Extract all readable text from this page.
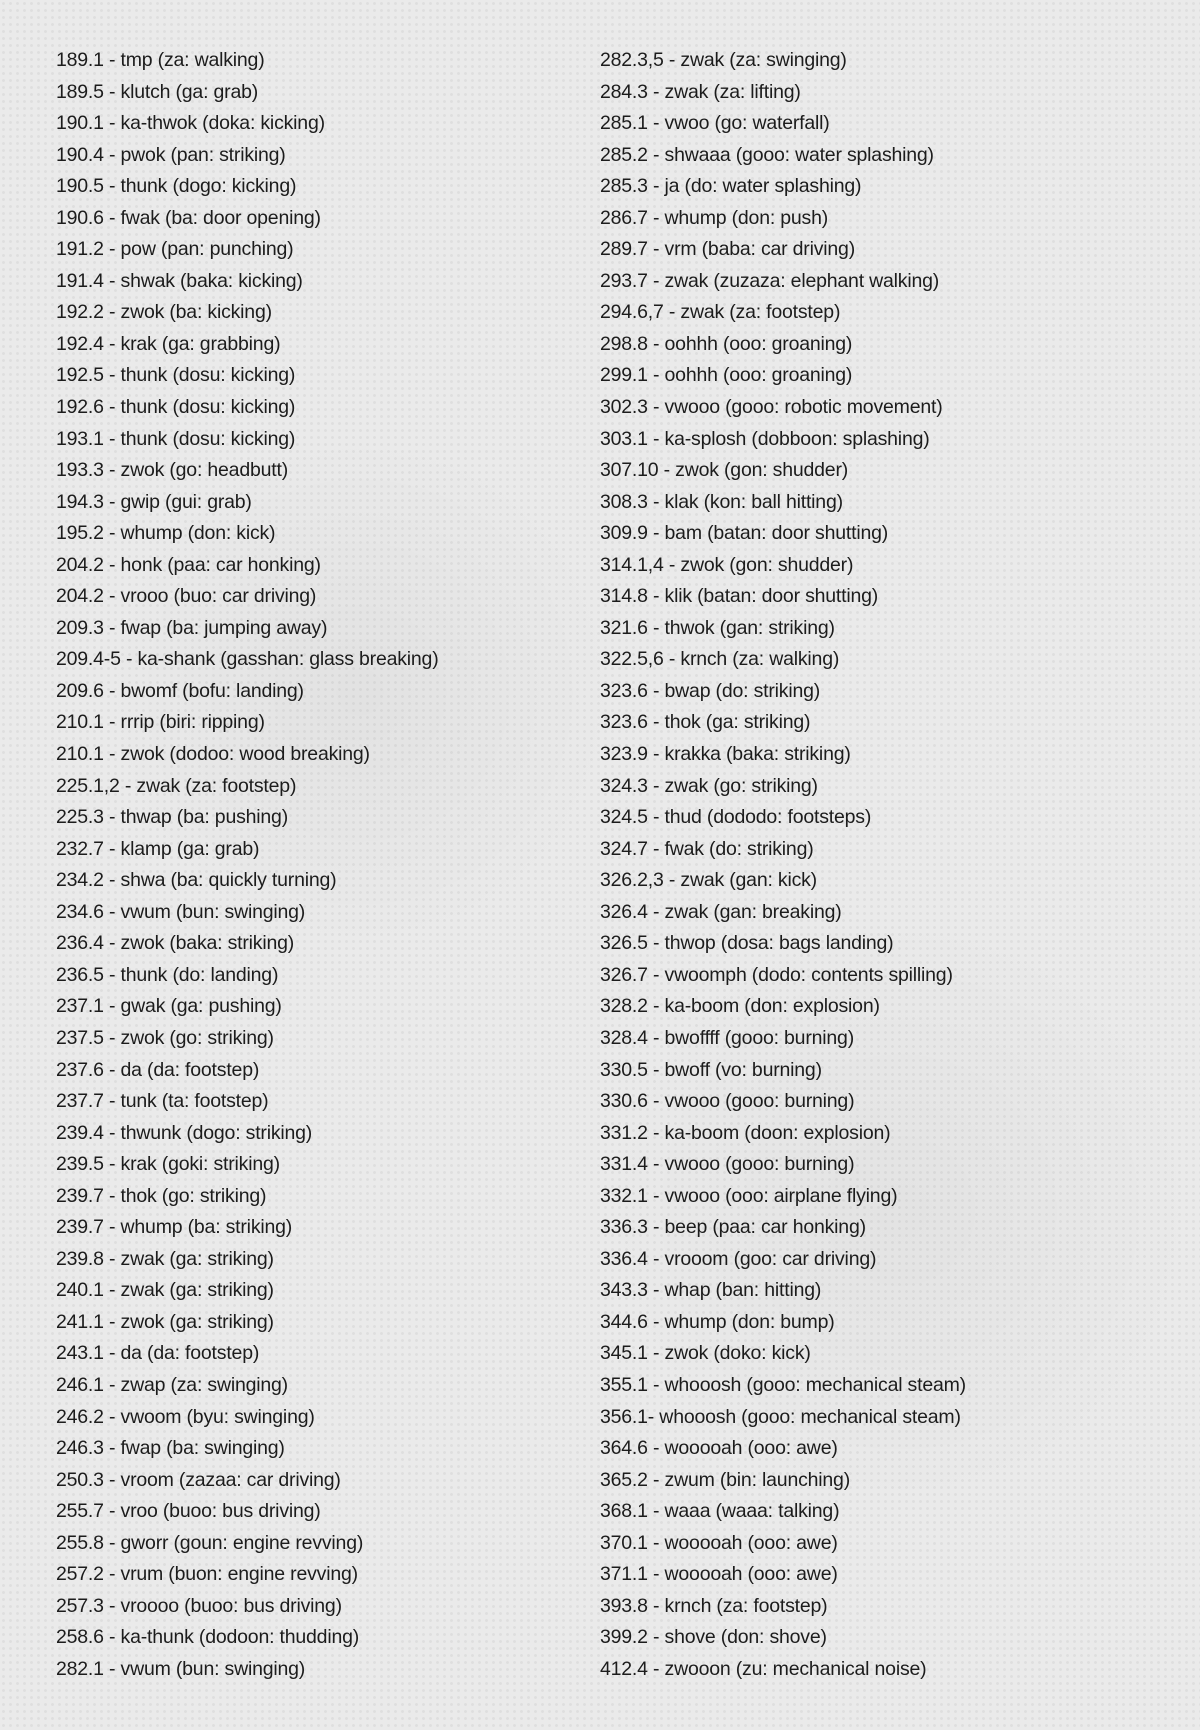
189.1 - tmp (za: walking)
189.5 - klutch (ga: grab)
190.1 - ka-thwok (doka: kicking)
190.4 - pwok (pan: striking)
190.5 - thunk (dogo: kicking)
190.6 - fwak (ba: door opening)
191.2 - pow (pan: punching)
191.4 - shwak (baka: kicking)
192.2 - zwok (ba: kicking)
192.4 - krak (ga: grabbing)
192.5 - thunk (dosu: kicking)
192.6 - thunk (dosu: kicking)
193.1 - thunk (dosu: kicking)
193.3 - zwok (go: headbutt)
194.3 - gwip (gui: grab)
195.2 - whump (don: kick)
204.2 - honk (paa: car honking)
204.2 - vrooo (buo: car driving)
209.3 - fwap (ba: jumping away)
209.4-5 - ka-shank (gasshan: glass breaking)
209.6 - bwomf (bofu: landing)
210.1 - rrrip (biri: ripping)
210.1 - zwok (dodoo: wood breaking)
225.1,2 - zwak (za: footstep)
225.3 - thwap (ba: pushing)
232.7 - klamp (ga: grab)
234.2 - shwa (ba: quickly turning)
234.6 - vwum (bun: swinging)
236.4 - zwok (baka: striking)
236.5 - thunk (do: landing)
237.1 - gwak (ga: pushing)
237.5 - zwok (go: striking)
237.6 - da (da: footstep)
237.7 - tunk (ta: footstep)
239.4 - thwunk (dogo: striking)
239.5 - krak (goki: striking)
239.7 - thok (go: striking)
239.7 - whump (ba: striking)
239.8 - zwak (ga: striking)
240.1 - zwak (ga: striking)
241.1 - zwok (ga: striking)
243.1 - da (da: footstep)
246.1 - zwap (za: swinging)
246.2 - vwoom (byu: swinging)
246.3 - fwap (ba: swinging)
250.3 - vroom (zazaa: car driving)
255.7 - vroo (buoo: bus driving)
255.8 - gworr (goun: engine revving)
257.2 - vrum (buon: engine revving)
257.3 - vroooo (buoo: bus driving)
258.6 - ka-thunk (dodoon: thudding)
282.1 - vwum (bun: swinging)
282.3,5 - zwak (za: swinging)
284.3 - zwak (za: lifting)
285.1 - vwoo (go: waterfall)
285.2 - shwaaa (gooo: water splashing)
285.3 - ja (do: water splashing)
286.7 - whump (don: push)
289.7 - vrm (baba: car driving)
293.7 - zwak (zuzaza: elephant walking)
294.6,7 - zwak (za: footstep)
298.8 - oohhh (ooo: groaning)
299.1 - oohhh (ooo: groaning)
302.3 - vwooo (gooo: robotic movement)
303.1 - ka-splosh (dobboon: splashing)
307.10 - zwok (gon: shudder)
308.3 - klak (kon: ball hitting)
309.9 - bam (batan: door shutting)
314.1,4 - zwok (gon: shudder)
314.8 - klik (batan: door shutting)
321.6 - thwok (gan: striking)
322.5,6 - krnch (za: walking)
323.6 - bwap (do: striking)
323.6 - thok (ga: striking)
323.9 - krakka (baka: striking)
324.3 - zwak (go: striking)
324.5 - thud (dododo: footsteps)
324.7 - fwak (do: striking)
326.2,3 - zwak (gan: kick)
326.4 - zwak (gan: breaking)
326.5 - thwop (dosa: bags landing)
326.7 - vwoomph (dodo: contents spilling)
328.2 - ka-boom (don: explosion)
328.4 - bwoffff (gooo: burning)
330.5 - bwoff (vo: burning)
330.6 - vwooo (gooo: burning)
331.2 - ka-boom (doon: explosion)
331.4 - vwooo (gooo: burning)
332.1 - vwooo (ooo: airplane flying)
336.3 - beep (paa: car honking)
336.4 - vrooom (goo: car driving)
343.3 - whap (ban: hitting)
344.6 - whump (don: bump)
345.1 - zwok (doko: kick)
355.1 - whooosh (gooo: mechanical steam)
356.1- whooosh (gooo: mechanical steam)
364.6 - wooooah (ooo: awe)
365.2 - zwum (bin: launching)
368.1 - waaa (waaa: talking)
370.1 - wooooah (ooo: awe)
371.1 - wooooah (ooo: awe)
393.8 - krnch (za: footstep)
399.2 - shove (don: shove)
412.4 - zwooon (zu: mechanical noise)
